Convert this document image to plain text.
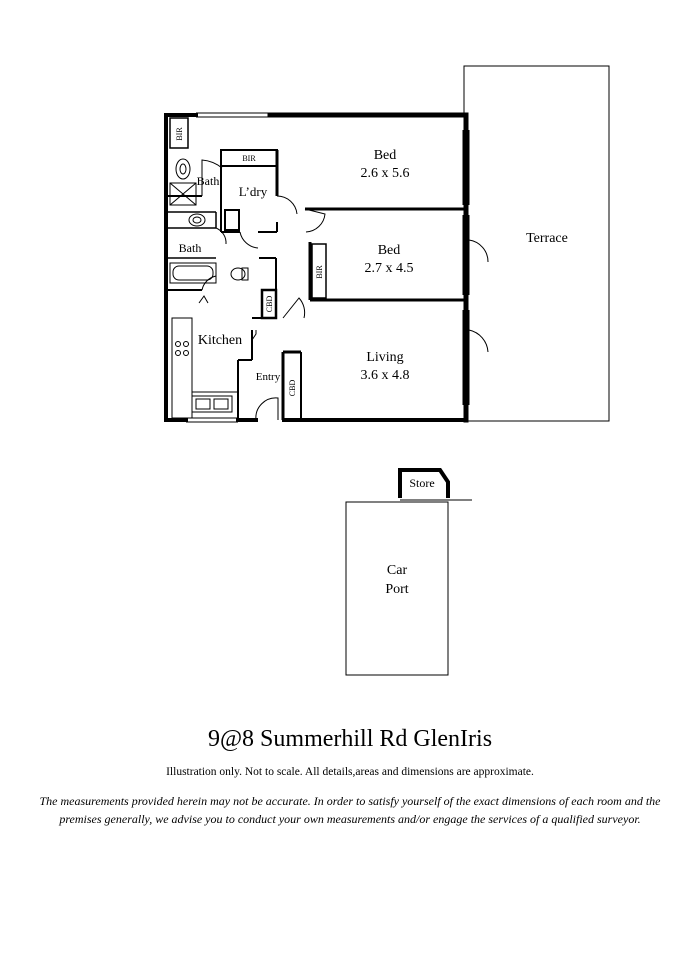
Bed
2.6 x 5.6
Bed
2.7 x 4.5
Living
3.6 x 4.8
Terrace
Kitchen
Entry
L’dry
Bath
Bath
BIR
BIR
BIR
CBD
CBD
Store
Car
Port
9@8 Summerhill Rd GlenIris
Illustration only. Not to scale. All details,areas and dimensions are approximate.
The measurements provided herein may not be accurate. In order to satisfy yourself of the exact dimensions of each room and the premises generally, we advise you to conduct your own measurements and/or engage the services of a qualified surveyor.
